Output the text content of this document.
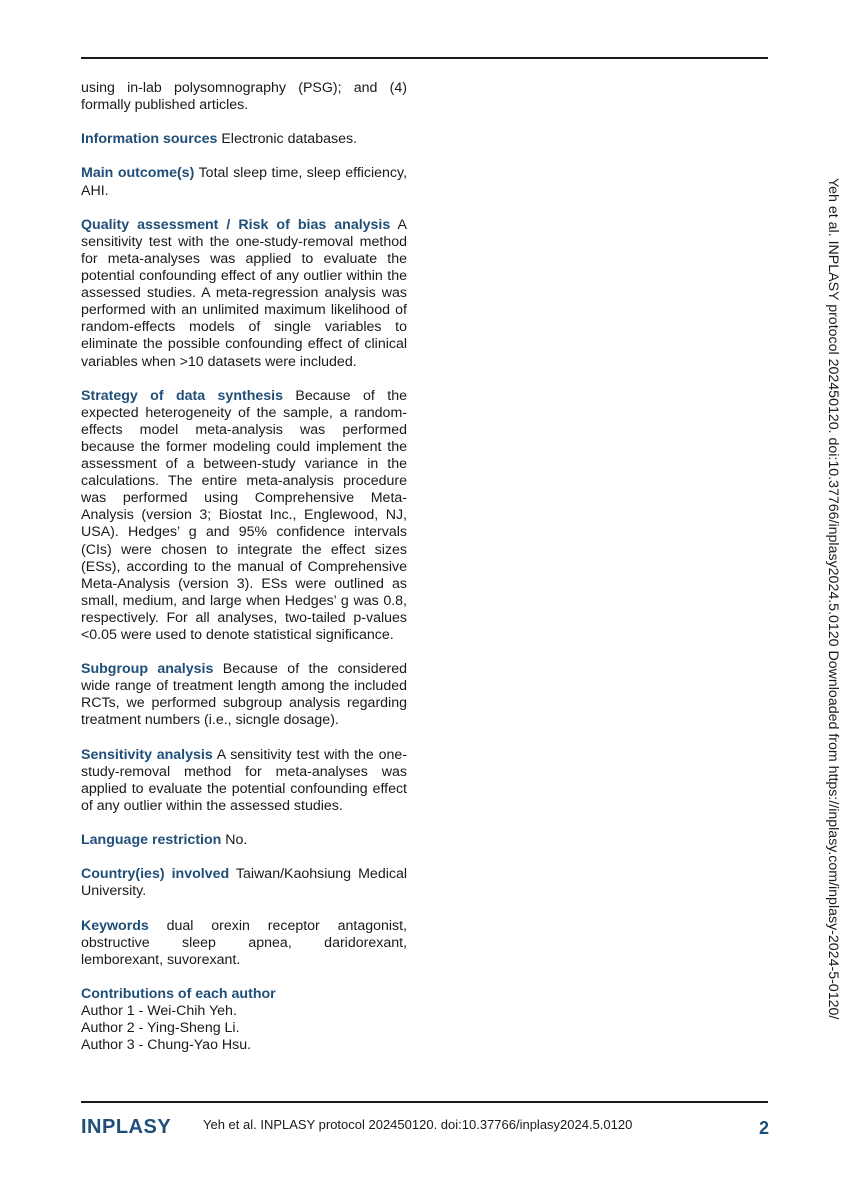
using in-lab polysomnography (PSG); and (4) formally published articles.

Information sources Electronic databases.

Main outcome(s) Total sleep time, sleep efficiency, AHI.

Quality assessment / Risk of bias analysis A sensitivity test with the one-study-removal method for meta-analyses was applied to evaluate the potential confounding effect of any outlier within the assessed studies. A meta-regression analysis was performed with an unlimited maximum likelihood of random-effects models of single variables to eliminate the possible confounding effect of clinical variables when >10 datasets were included.

Strategy of data synthesis Because of the expected heterogeneity of the sample, a random-effects model meta-analysis was performed because the former modeling could implement the assessment of a between-study variance in the calculations. The entire meta-analysis procedure was performed using Comprehensive Meta-Analysis (version 3; Biostat Inc., Englewood, NJ, USA). Hedges’ g and 95% confidence intervals (CIs) were chosen to integrate the effect sizes (ESs), according to the manual of Comprehensive Meta-Analysis (version 3). ESs were outlined as small, medium, and large when Hedges’ g was 0.8, respectively. For all analyses, two-tailed p-values <0.05 were used to denote statistical significance.

Subgroup analysis Because of the considered wide range of treatment length among the included RCTs, we performed subgroup analysis regarding treatment numbers (i.e., sicngle dosage).

Sensitivity analysis A sensitivity test with the one-study-removal method for meta-analyses was applied to evaluate the potential confounding effect of any outlier within the assessed studies.

Language restriction No.

Country(ies) involved Taiwan/Kaohsiung Medical University.

Keywords dual orexin receptor antagonist, obstructive sleep apnea, daridorexant, lemborexant, suvorexant.

Contributions of each author
Author 1 - Wei-Chih Yeh.
Author 2 - Ying-Sheng Li.
Author 3 - Chung-Yao Hsu.

Yeh et al. INPLASY protocol 202450120. doi:10.37766/inplasy2024.5.0120 Downloaded from https://inplasy.com/inplasy-2024-5-0120/
INPLASY Yeh et al. INPLASY protocol 202450120. doi:10.37766/inplasy2024.5.0120	2
